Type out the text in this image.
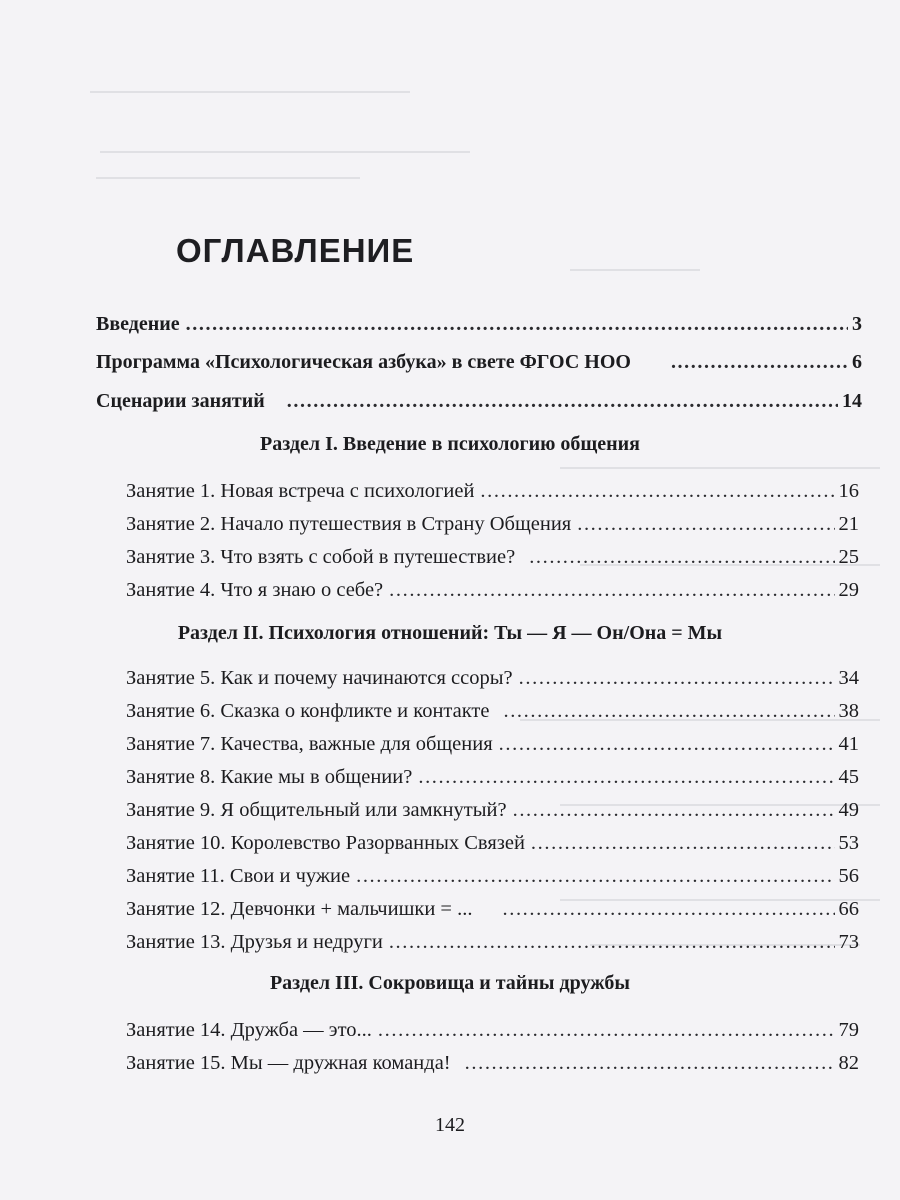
ОГЛАВЛЕНИЕ
Введение .....	3
Программа «Психологическая азбука» в свете ФГОС НОО .....	6
Сценарии занятий .....	14
Раздел I. Введение в психологию общения
Занятие 1. Новая встреча с психологией .....	16
Занятие 2. Начало путешествия в Страну Общения .....	21
Занятие 3. Что взять с собой в путешествие? .....	25
Занятие 4. Что я знаю о себе? .....	29
Раздел II. Психология отношений: Ты — Я — Он/Она = Мы
Занятие 5. Как и почему начинаются ссоры? .....	34
Занятие 6. Сказка о конфликте и контакте .....	38
Занятие 7. Качества, важные для общения .....	41
Занятие 8. Какие мы в общении? .....	45
Занятие 9. Я общительный или замкнутый? .....	49
Занятие 10. Королевство Разорванных Связей .....	53
Занятие 11. Свои и чужие .....	56
Занятие 12. Девчонки + мальчишки = ... .....	66
Занятие 13. Друзья и недруги .....	73
Раздел III. Сокровища и тайны дружбы
Занятие 14. Дружба — это... .....	79
Занятие 15. Мы — дружная команда! .....	82
142
